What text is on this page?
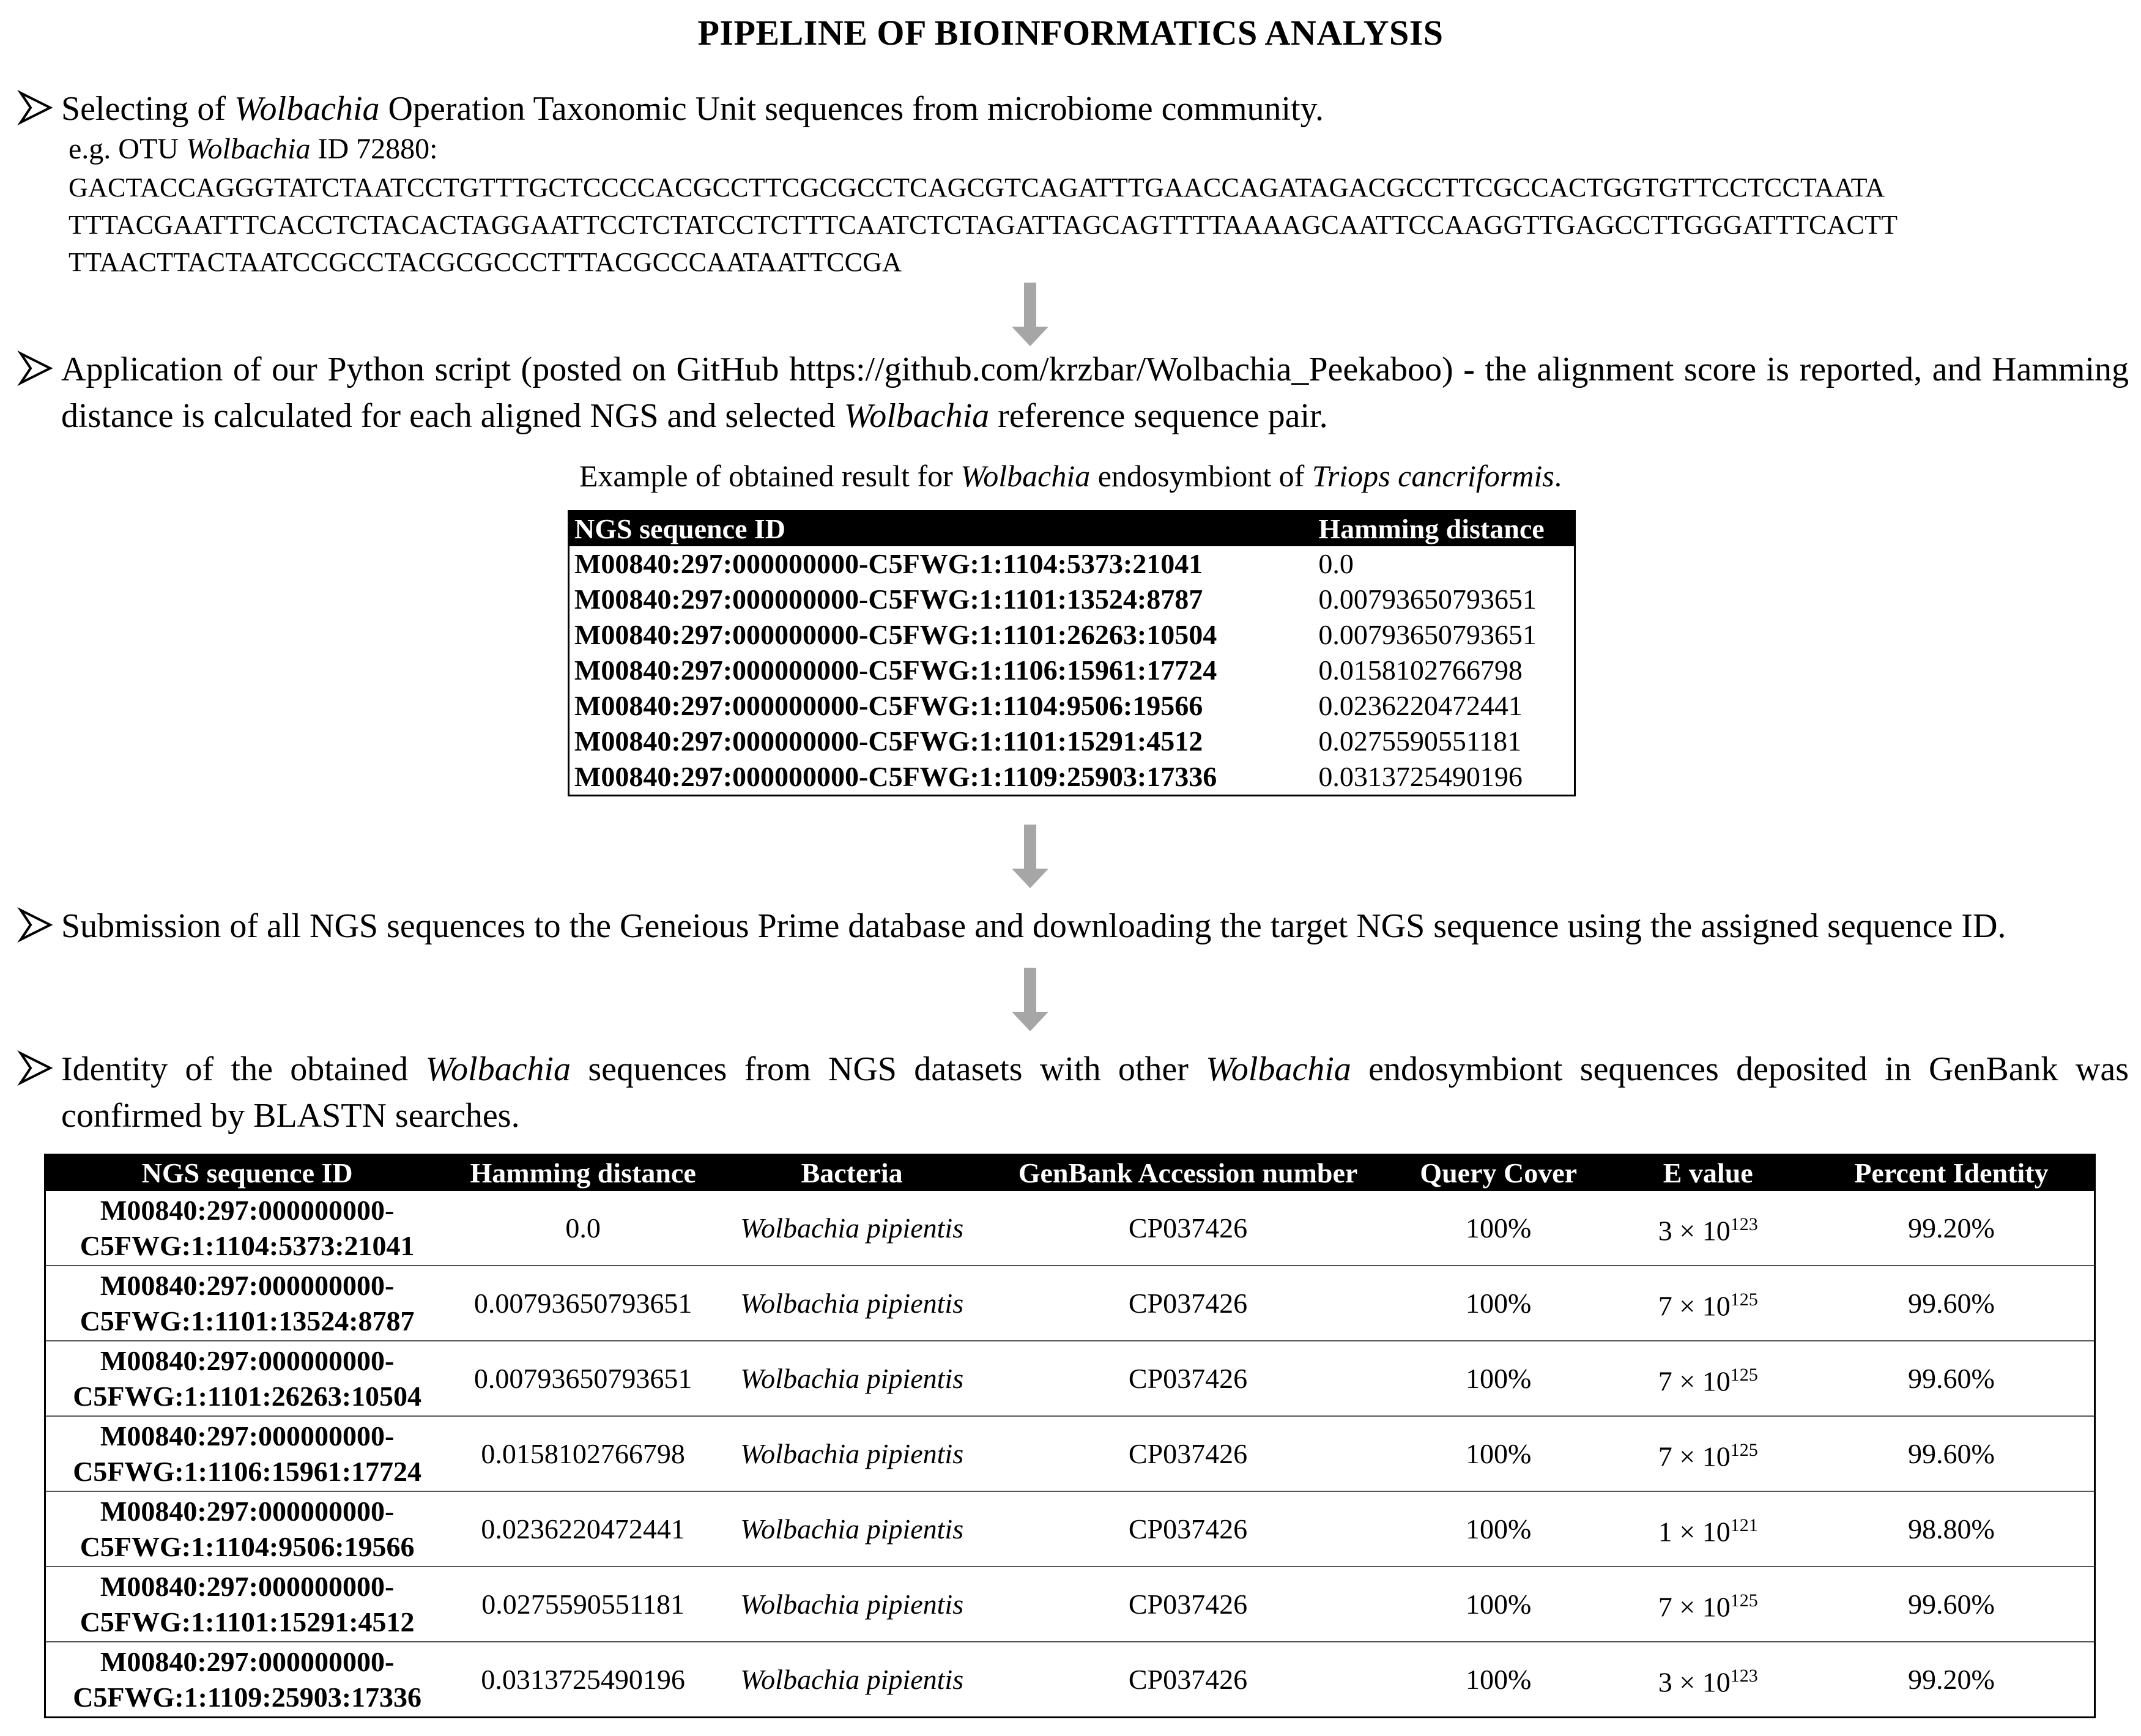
PIPELINE OF BIOINFORMATICS ANALYSIS
Selecting of Wolbachia Operation Taxonomic Unit sequences from microbiome community.
e.g. OTU Wolbachia ID 72880:
GACTACCAGGGTATCTAATCCTGTTTGCTCCCCACGCCTTCGCGCCTCAGCGTCAGATTTGAACCAGATAGACGCCTTCGCCACTGGTGTTCCTCCTAATA
TTTACGAATTTCACCTCTACACTAGGAATTCCTCTATCCTCTTTCAATCTCTAGATTAGCAGTTTTAAAAGCAATTCCAAGGTTGAGCCTTGGGATTTCACTT
TTAACTTACTAATCCGCCTACGCGCCCTTTACGCCCAATAATTCCGA
Application of our Python script (posted on GitHub https://github.com/krzbar/Wolbachia_Peekaboo) - the alignment score is reported, and Hamming distance is calculated for each aligned NGS and selected Wolbachia reference sequence pair.
Example of obtained result for Wolbachia endosymbiont of Triops cancriformis.
NGS sequence ID	Hamming distance
M00840:297:000000000-C5FWG:1:1104:5373:21041	0.0
M00840:297:000000000-C5FWG:1:1101:13524:8787	0.00793650793651
M00840:297:000000000-C5FWG:1:1101:26263:10504	0.00793650793651
M00840:297:000000000-C5FWG:1:1106:15961:17724	0.0158102766798
M00840:297:000000000-C5FWG:1:1104:9506:19566	0.0236220472441
M00840:297:000000000-C5FWG:1:1101:15291:4512	0.0275590551181
M00840:297:000000000-C5FWG:1:1109:25903:17336	0.0313725490196
Submission of all NGS sequences to the Geneious Prime database and downloading the target NGS sequence using the assigned sequence ID.
Identity of the obtained Wolbachia sequences from NGS datasets with other Wolbachia endosymbiont sequences deposited in GenBank was confirmed by BLASTN searches.
NGS sequence ID	Hamming distance	Bacteria	GenBank Accession number	Query Cover	E value	Percent Identity

M00840:297:000000000-
C5FWG:1:1104:5373:21041	0.0	Wolbachia pipientis	CP037426	100%	$3 \times 10^{123}$	99.20%

M00840:297:000000000-
C5FWG:1:1101:13524:8787	0.00793650793651	Wolbachia pipientis	CP037426	100%	$7 \times 10^{125}$	99.60%

M00840:297:000000000-
C5FWG:1:1101:26263:10504	0.00793650793651	Wolbachia pipientis	CP037426	100%	$7 \times 10^{125}$	99.60%

M00840:297:000000000-
C5FWG:1:1106:15961:17724	0.0158102766798	Wolbachia pipientis	CP037426	100%	$7 \times 10^{125}$	99.60%

M00840:297:000000000-
C5FWG:1:1104:9506:19566	0.0236220472441	Wolbachia pipientis	CP037426	100%	$1 \times 10^{121}$	98.80%

M00840:297:000000000-
C5FWG:1:1101:15291:4512	0.0275590551181	Wolbachia pipientis	CP037426	100%	$7 \times 10^{125}$	99.60%

M00840:297:000000000-
C5FWG:1:1109:25903:17336	0.0313725490196	Wolbachia pipientis	CP037426	100%	$3 \times 10^{123}$	99.20%
